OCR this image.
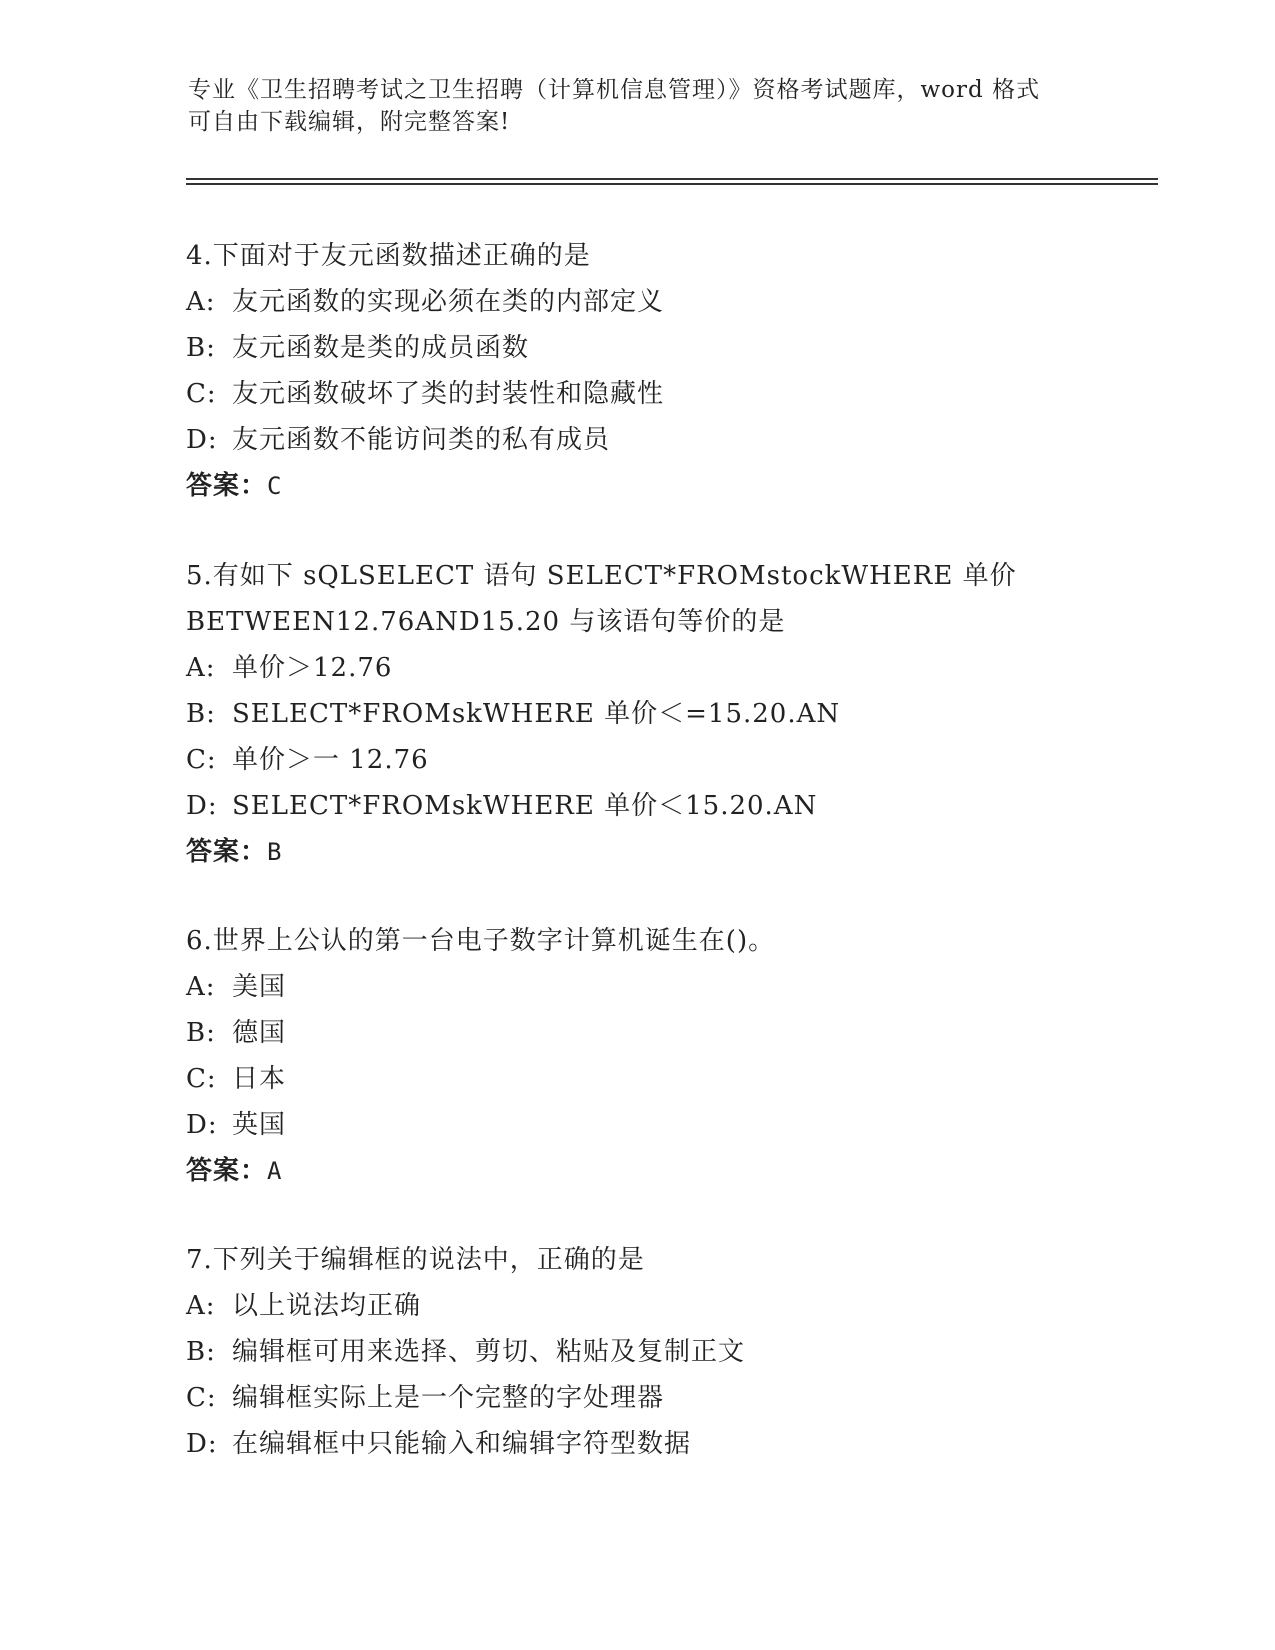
专业《卫生招聘考试之卫生招聘（计算机信息管理）》资格考试题库，word 格式
可自由下载编辑，附完整答案!
4.下面对于友元函数描述正确的是
A: 友元函数的实现必须在类的内部定义
B: 友元函数是类的成员函数
C: 友元函数破坏了类的封装性和隐藏性
D: 友元函数不能访问类的私有成员
答案：C
5.有如下 sQLSELECT 语句 SELECT*FROMstockWHERE 单价
BETWEEN12.76AND15.20 与该语句等价的是
A: 单价＞12.76
B: SELECT*FROMskWHERE 单价＜=15.20.AN
C: 单价＞一 12.76
D: SELECT*FROMskWHERE 单价＜15.20.AN
答案：B
6.世界上公认的第一台电子数字计算机诞生在()。
A: 美国
B: 德国
C: 日本
D: 英国
答案：A
7.下列关于编辑框的说法中，正确的是
A: 以上说法均正确
B: 编辑框可用来选择、剪切、粘贴及复制正文
C: 编辑框实际上是一个完整的字处理器
D: 在编辑框中只能输入和编辑字符型数据
